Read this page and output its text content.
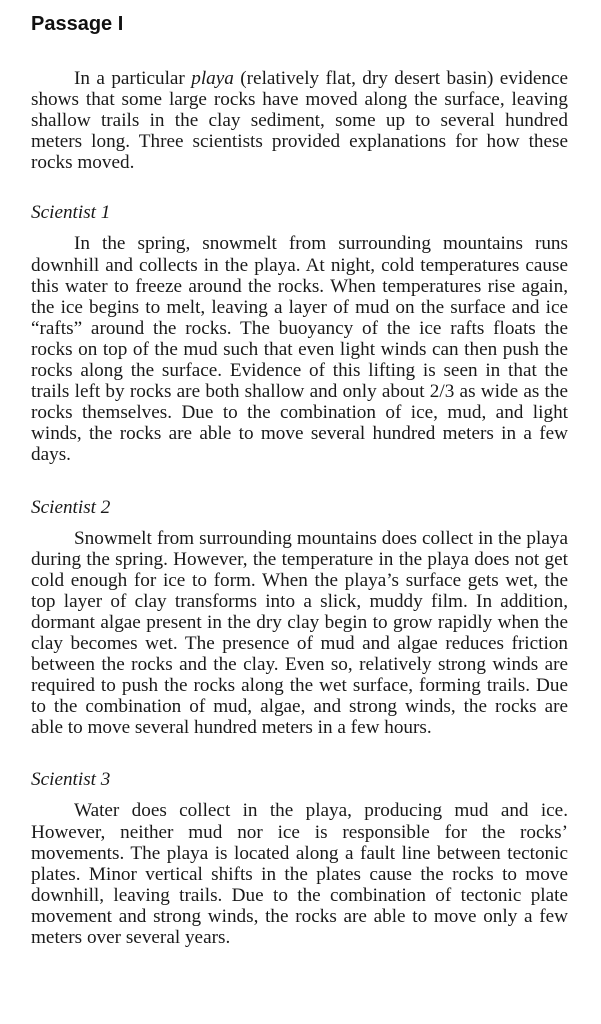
Passage I

In a particular playa (relatively flat, dry desert basin) evidence shows that some large rocks have moved along the surface, leaving shallow trails in the clay sediment, some up to several hundred meters long. Three scientists provided explanations for how these rocks moved.

Scientist 1

In the spring, snowmelt from surrounding mountains runs downhill and collects in the playa. At night, cold temperatures cause this water to freeze around the rocks. When temperatures rise again, the ice begins to melt, leaving a layer of mud on the surface and ice “rafts” around the rocks. The buoyancy of the ice rafts floats the rocks on top of the mud such that even light winds can then push the rocks along the surface. Evidence of this lifting is seen in that the trails left by rocks are both shallow and only about 2/3 as wide as the rocks themselves. Due to the combination of ice, mud, and light winds, the rocks are able to move several hundred meters in a few days.

Scientist 2

Snowmelt from surrounding mountains does collect in the playa during the spring. However, the temperature in the playa does not get cold enough for ice to form. When the playa’s surface gets wet, the top layer of clay transforms into a slick, muddy film. In addition, dormant algae present in the dry clay begin to grow rapidly when the clay becomes wet. The presence of mud and algae reduces friction between the rocks and the clay. Even so, relatively strong winds are required to push the rocks along the wet surface, forming trails. Due to the combination of mud, algae, and strong winds, the rocks are able to move several hundred meters in a few hours.

Scientist 3

Water does collect in the playa, producing mud and ice. However, neither mud nor ice is responsible for the rocks’ movements. The playa is located along a fault line between tectonic plates. Minor vertical shifts in the plates cause the rocks to move downhill, leaving trails. Due to the combination of tectonic plate movement and strong winds, the rocks are able to move only a few meters over several years.
